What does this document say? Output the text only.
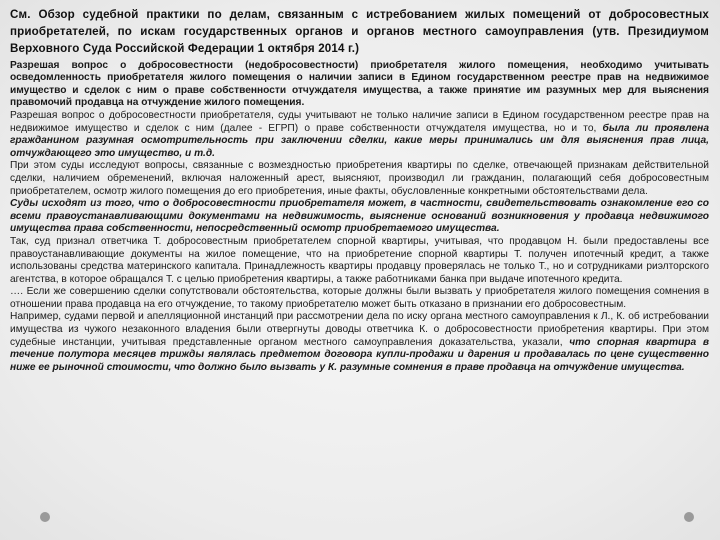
См. Обзор судебной практики по делам, связанным с истребованием жилых помещений от добросовестных приобретателей, по искам государственных органов и органов местного самоуправления (утв. Президиумом Верховного Суда Российской Федерации 1 октября 2014 г.)

Разрешая вопрос о добросовестности (недобросовестности) приобретателя жилого помещения, необходимо учитывать осведомленность приобретателя жилого помещения о наличии записи в Едином государственном реестре прав на недвижимое имущество и сделок с ним о праве собственности отчуждателя имущества, а также принятие им разумных мер для выяснения правомочий продавца на отчуждение жилого помещения.

Разрешая вопрос о добросовестности приобретателя, суды учитывают не только наличие записи в Едином государственном реестре прав на недвижимое имущество и сделок с ним (далее - ЕГРП) о праве собственности отчуждателя имущества, но и то, была ли проявлена гражданином разумная осмотрительность при заключении сделки, какие меры принимались им для выяснения прав лица, отчуждающего это имущество, и т.д.

При этом суды исследуют вопросы, связанные с возмездностью приобретения квартиры по сделке, отвечающей признакам действительной сделки, наличием обременений, включая наложенный арест, выясняют, производил ли гражданин, полагающий себя добросовестным приобретателем, осмотр жилого помещения до его приобретения, иные факты, обусловленные конкретными обстоятельствами дела.

Суды исходят из того, что о добросовестности приобретателя может, в частности, свидетельствовать ознакомление его со всеми правоустанавливающими документами на недвижимость, выяснение оснований возникновения у продавца недвижимого имущества права собственности, непосредственный осмотр приобретаемого имущества.

Так, суд признал ответчика Т. добросовестным приобретателем спорной квартиры, учитывая, что продавцом Н. были предоставлены все правоустанавливающие документы на жилое помещение, что на приобретение спорной квартиры Т. получен ипотечный кредит, а также использованы средства материнского капитала. Принадлежность квартиры продавцу проверялась не только Т., но и сотрудниками риэлторского агентства, в которое обращался Т. с целью приобретения квартиры, а также работниками банка при выдаче ипотечного кредита.

…. Если же совершению сделки сопутствовали обстоятельства, которые должны были вызвать у приобретателя жилого помещения сомнения в отношении права продавца на его отчуждение, то такому приобретателю может быть отказано в признании его добросовестным.

Например, судами первой и апелляционной инстанций при рассмотрении дела по иску органа местного самоуправления к Л., К. об истребовании имущества из чужого незаконного владения были отвергнуты доводы ответчика К. о добросовестности приобретения квартиры. При этом судебные инстанции, учитывая представленные органом местного самоуправления доказательства, указали, что спорная квартира в течение полутора месяцев трижды являлась предметом договора купли-продажи и дарения и продавалась по цене существенно ниже ее рыночной стоимости, что должно было вызвать у К. разумные сомнения в праве продавца на отчуждение имущества.
